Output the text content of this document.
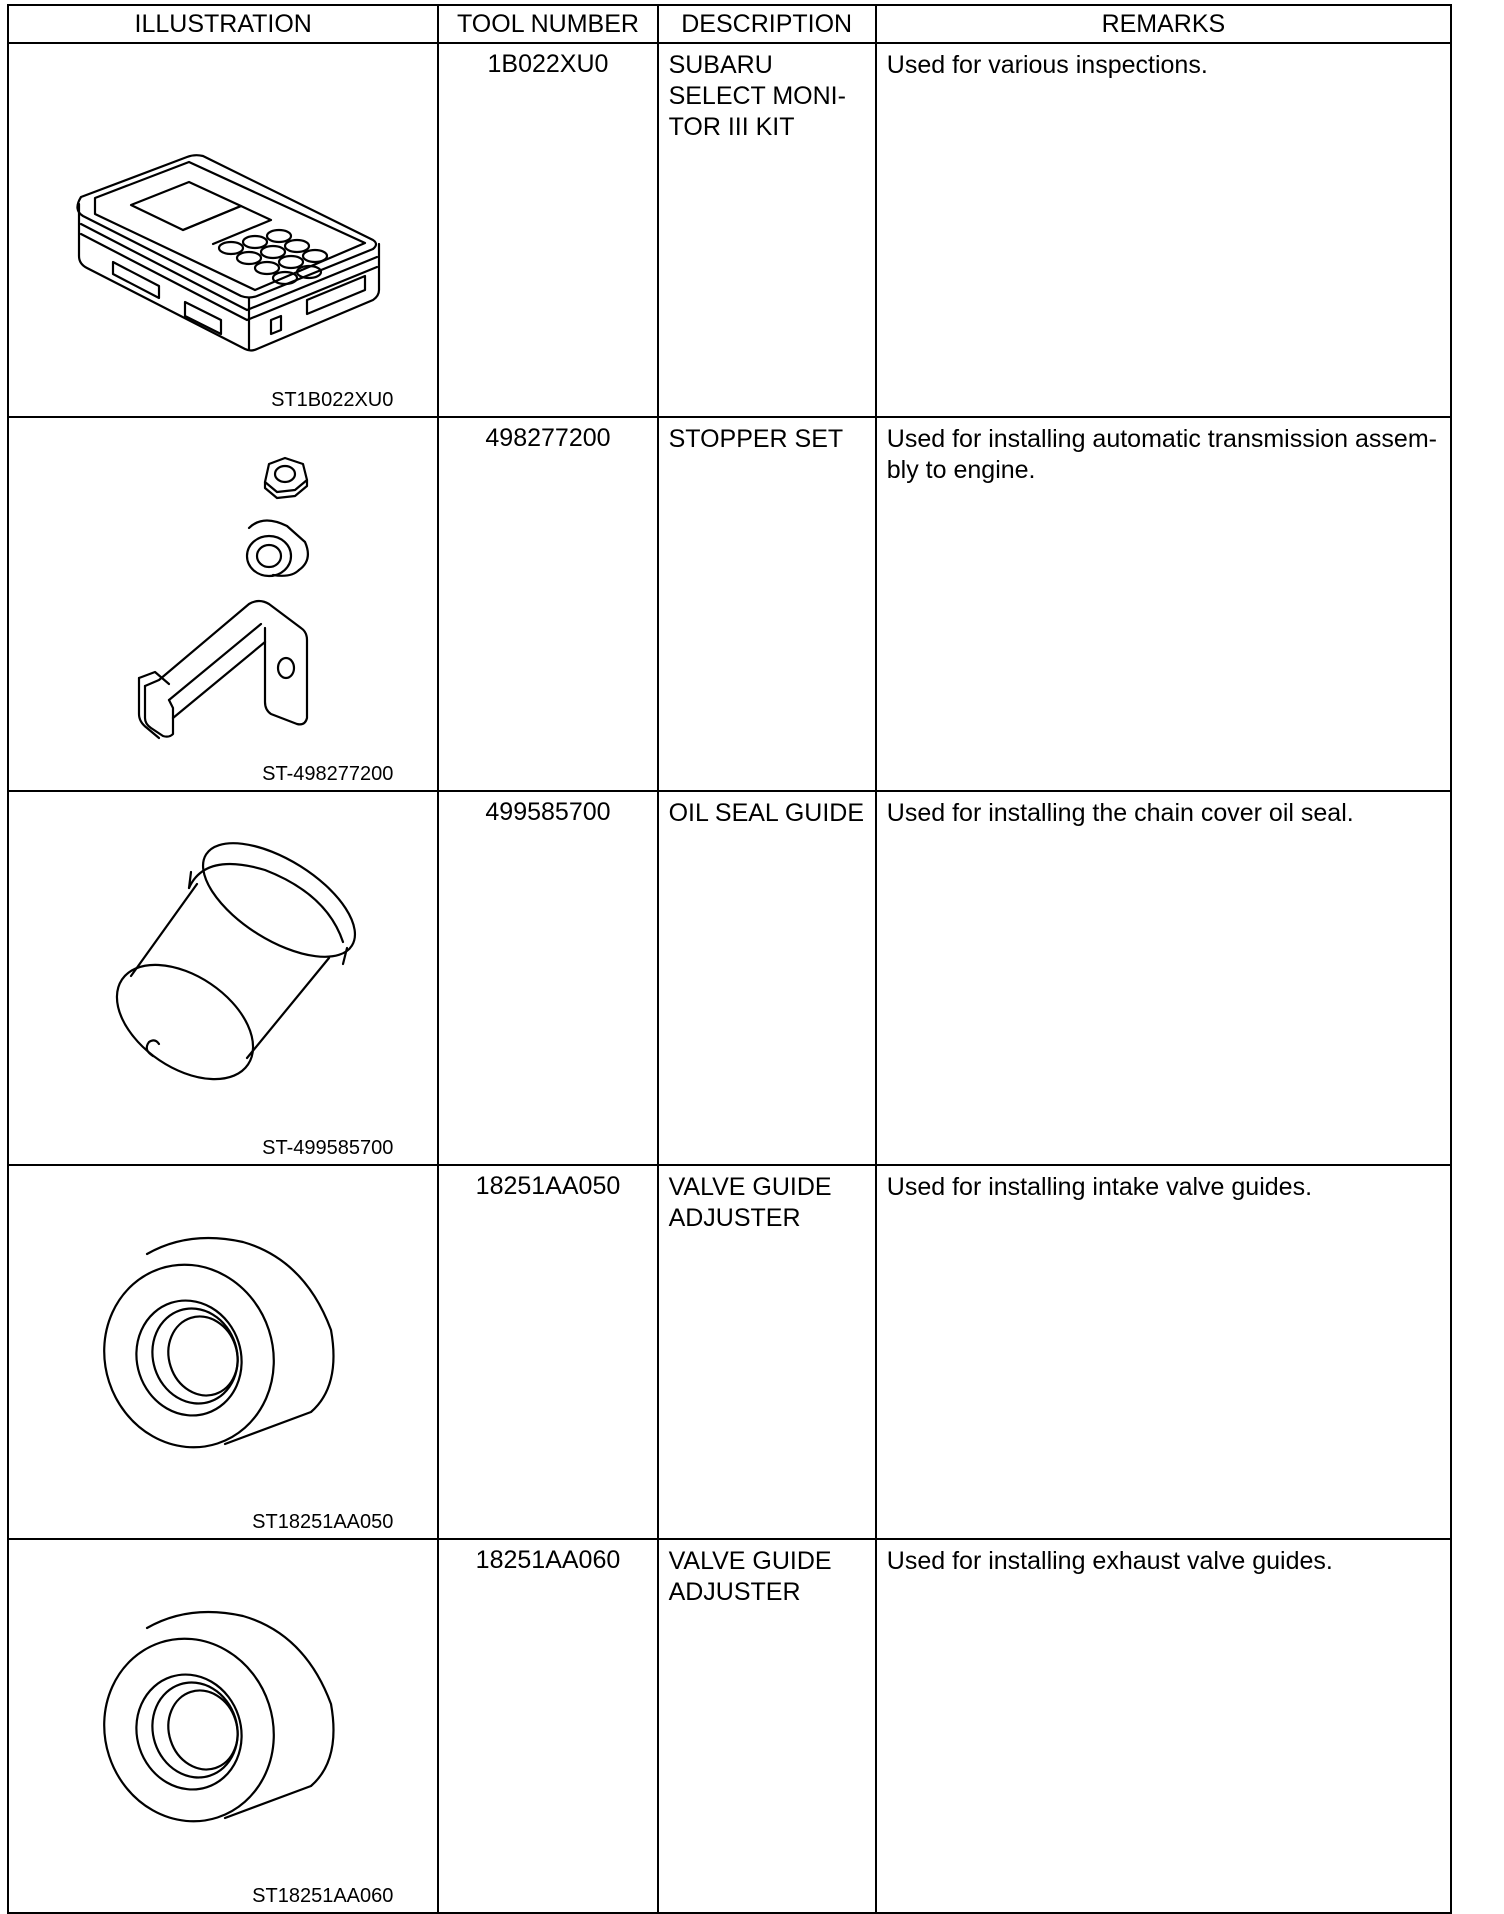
ILLUSTRATION	TOOL NUMBER	DESCRIPTION	REMARKS

ST1B022XU0	1B022XU0	SUBARU SELECT MONI-TOR III KIT	Used for various inspections.

ST-498277200	498277200	STOPPER SET	Used for installing automatic transmission assem-bly to engine.

ST-499585700	499585700	OIL SEAL GUIDE	Used for installing the chain cover oil seal.

ST18251AA050	18251AA050	VALVE GUIDE ADJUSTER	Used for installing intake valve guides.

ST18251AA060	18251AA060	VALVE GUIDE ADJUSTER	Used for installing exhaust valve guides.
